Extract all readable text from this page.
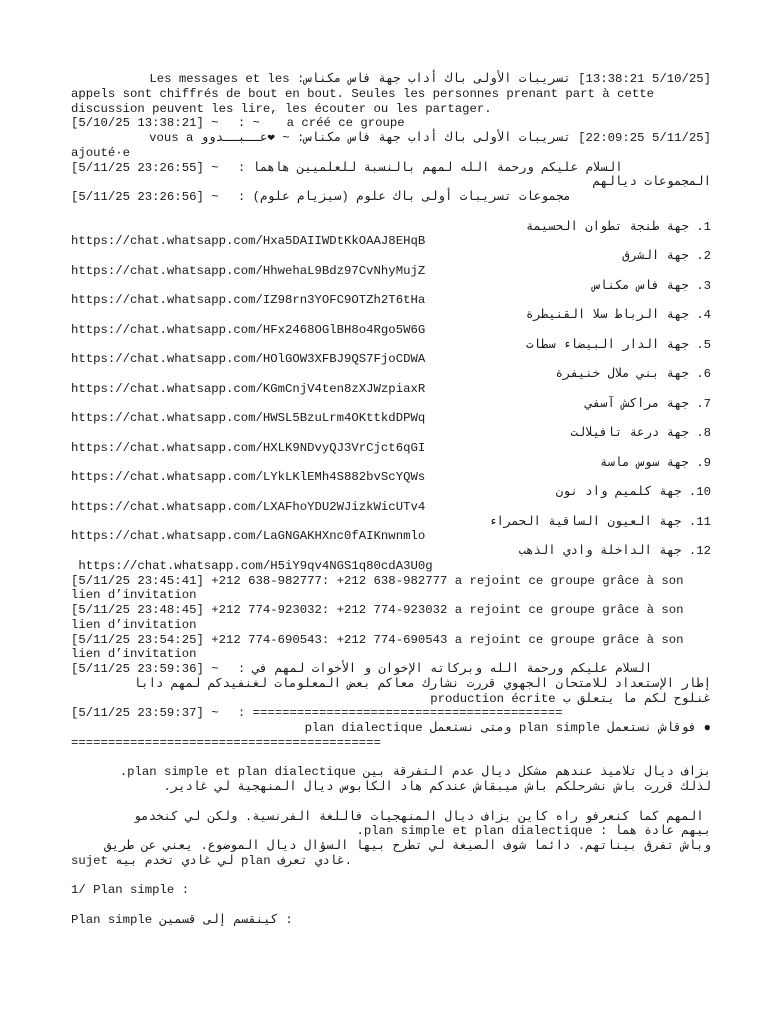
[5/10/25 13:38:21] تسريبات الأولى باك أداب جهة فاس مكناس: Les messages et les
appels sont chiffrés de bout en bout. Seules les personnes prenant part à cette
discussion peuvent les lire, les écouter ou les partager.
[5/10/25 13:38:21] ~ ㅤ: ~ ㅤ a créé ce groupe
[5/11/25 22:09:25] تسريبات الأولى باك أداب جهة فاس مكناس: ~ ❤عــبــدوو vous a
ajouté·e
[5/11/25 23:26:55] ~ ㅤ: السلام عليكم ورحمة الله لمهم بالنسبة للعلميين هاهما
المجموعات ديالهم
[5/11/25 23:26:56] ~ ㅤ: مجموعات تسريبات أولى باك علوم (سيزيام علوم)
1. جهة طنجة تطوان الحسيمة
https://chat.whatsapp.com/Hxa5DAIIWDtKkOAAJ8EHqB
2. جهة الشرق
https://chat.whatsapp.com/HhwehaL9Bdz97CvNhyMujZ
3. جهة فاس مكناس
https://chat.whatsapp.com/IZ98rn3YOFC9OTZh2T6tHa
4. جهة الرباط سلا القنيطرة
https://chat.whatsapp.com/HFx2468OGlBH8o4Rgo5W6G
5. جهة الدار البيضاء سطات
https://chat.whatsapp.com/HOlGOW3XFBJ9QS7FjoCDWA
6. جهة بني ملال خنيفرة
https://chat.whatsapp.com/KGmCnjV4ten8zXJWzpiaxR
7. جهة مراكش آسفي
https://chat.whatsapp.com/HWSL5BzuLrm4OKttkdDPWq
8. جهة درعة تافيلالت
https://chat.whatsapp.com/HXLK9NDvyQJ3VrCjct6qGI
9. جهة سوس ماسة
https://chat.whatsapp.com/LYkLKlEMh4S882bvScYQWs
10. جهة كلميم واد نون
https://chat.whatsapp.com/LXAFhoYDU2WJizkWicUTv4
11. جهة العيون الساقية الحمراء
https://chat.whatsapp.com/LaGNGAKHXnc0fAIKnwnmlo
12. جهة الداخلة وادي الذهب
https://chat.whatsapp.com/H5iY9qv4NGS1q80cdA3U0g
[5/11/25 23:45:41] +212 638-982777: +212 638-982777 a rejoint ce groupe grâce à son
lien d’invitation
[5/11/25 23:48:45] +212 774-923032: +212 774-923032 a rejoint ce groupe grâce à son
lien d’invitation
[5/11/25 23:54:25] +212 774-690543: +212 774-690543 a rejoint ce groupe grâce à son
lien d’invitation
[5/11/25 23:59:36] ~ ㅤ: السلام عليكم ورحمة الله وبركاته الإخوان و الأخوات لمهم في
إطار الإستعداد للامتحان الجهوي قررت نشارك معاكم بعض المعلومات لغنفيدكم لمهم دابا
غنلوح لكم ما يتعلق ب production écrite
[5/11/25 23:59:37] ~ ㅤ: ==========================================
● فوقاش نستعمل plan simple ومتى نستعمل plan dialectique
==========================================
بزاف ديال تلاميذ عندهم مشكل ديال عدم التفرقة بين plan simple et plan dialectique.
لذلك قررت باش نشرحلكم باش ميبقاش عندكم هاد الكابوس ديال المنهجية لي غادير.
المهم كما كنعرفو راه كاين بزاف ديال المنهجيات فاللغة الفرنسية. ولكن لي كنخدمو
بيهم عادة هما : plan simple et plan dialectique.
وباش تفرق بيناتهم. دائما شوف الصيغة لي تطرح بيها السؤال ديال الموضوع. يعني عن طريق
sujet لي غادي تخدم بيه plan غادي تعرف.
1/ Plan simple :
Plan simple كينقسم إلى قسمين :
